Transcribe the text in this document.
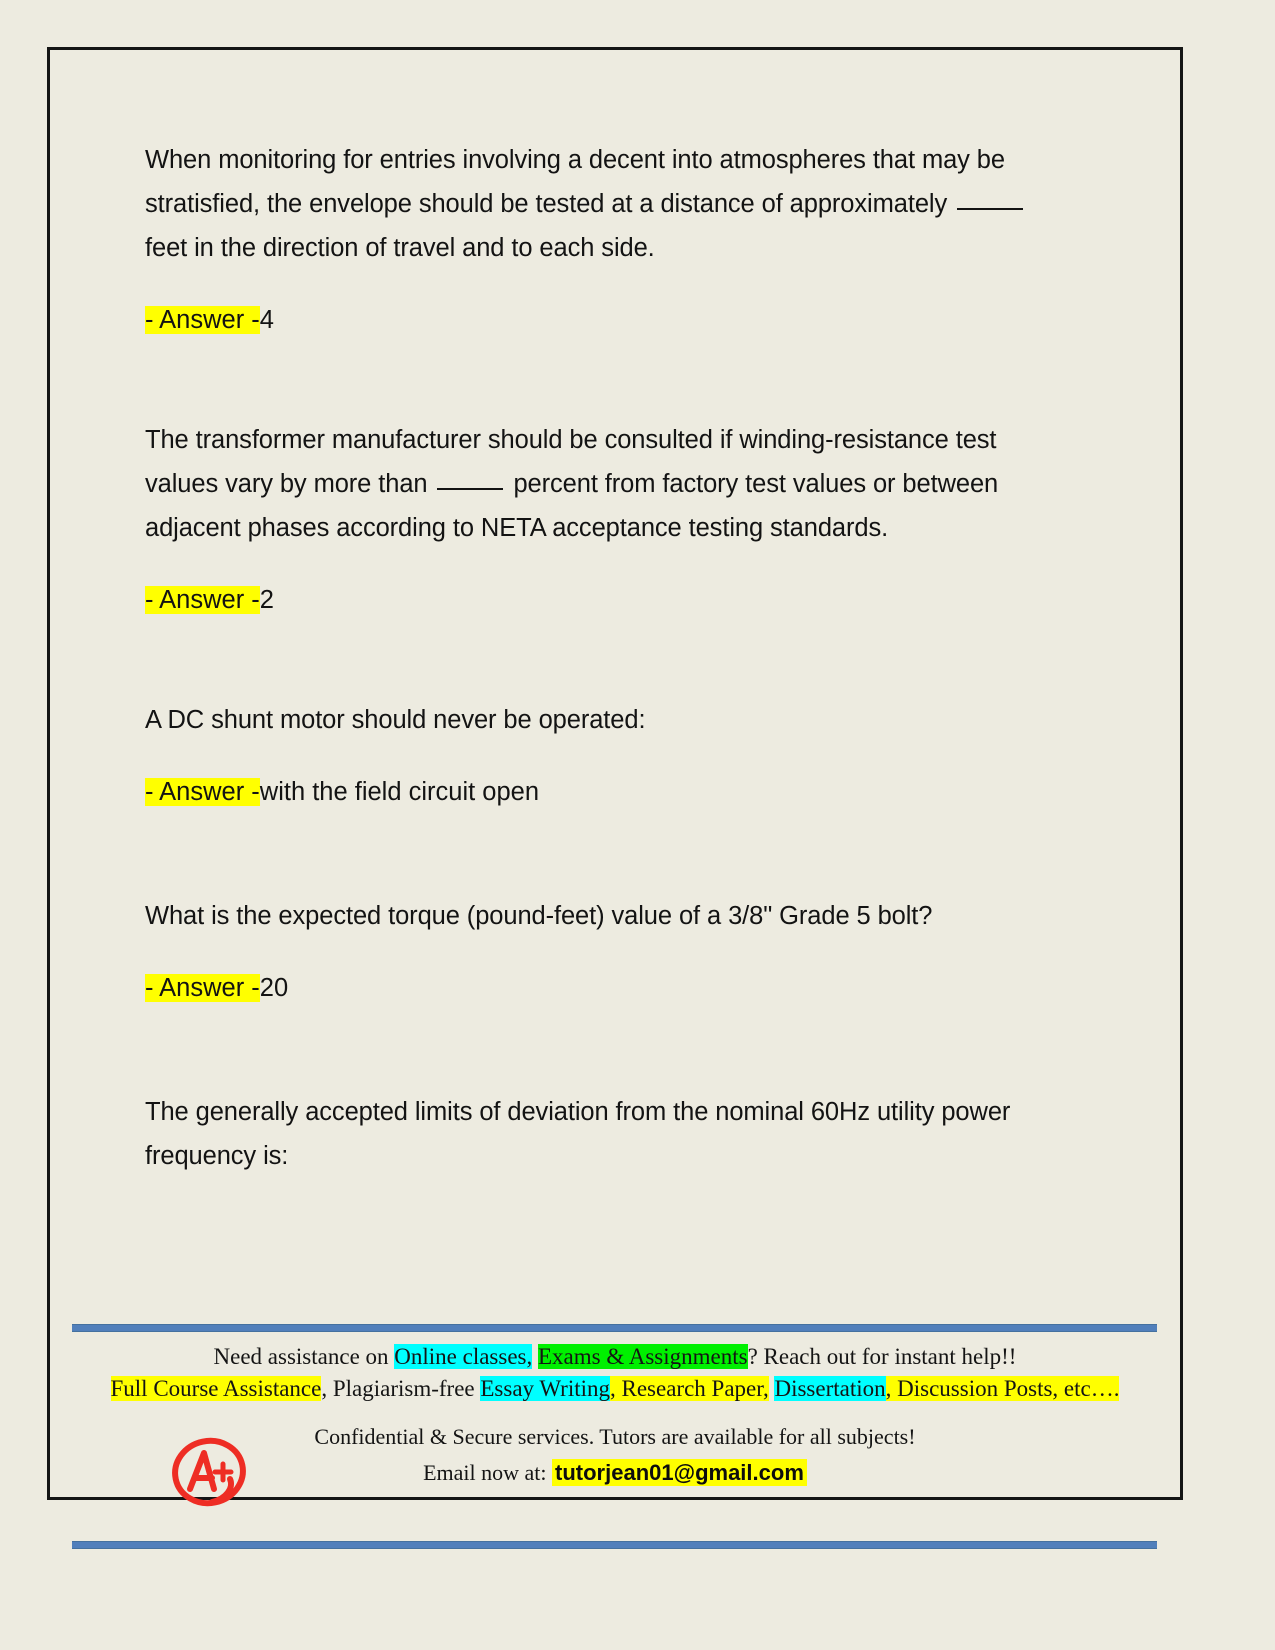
When monitoring for entries involving a decent into atmospheres that may be stratisfied, the envelope should be tested at a distance of approximately  feet in the direction of travel and to each side.

- Answer -4

The transformer manufacturer should be consulted if winding-resistance test values vary by more than	percent from factory test values or between adjacent phases according to NETA acceptance testing standards.

- Answer -2

A DC shunt motor should never be operated:

- Answer -with the field circuit open

What is the expected torque (pound-feet) value of a 3/8" Grade 5 bolt?

- Answer -20

The generally accepted limits of deviation from the nominal 60Hz utility power frequency is:

Need assistance on Online classes, Exams & Assignments? Reach out for instant help!!
Full Course Assistance, Plagiarism-free Essay Writing, Research Paper, Dissertation, Discussion Posts, etc….
Confidential & Secure services. Tutors are available for all subjects!
Email now at: tutorjean01@gmail.com
